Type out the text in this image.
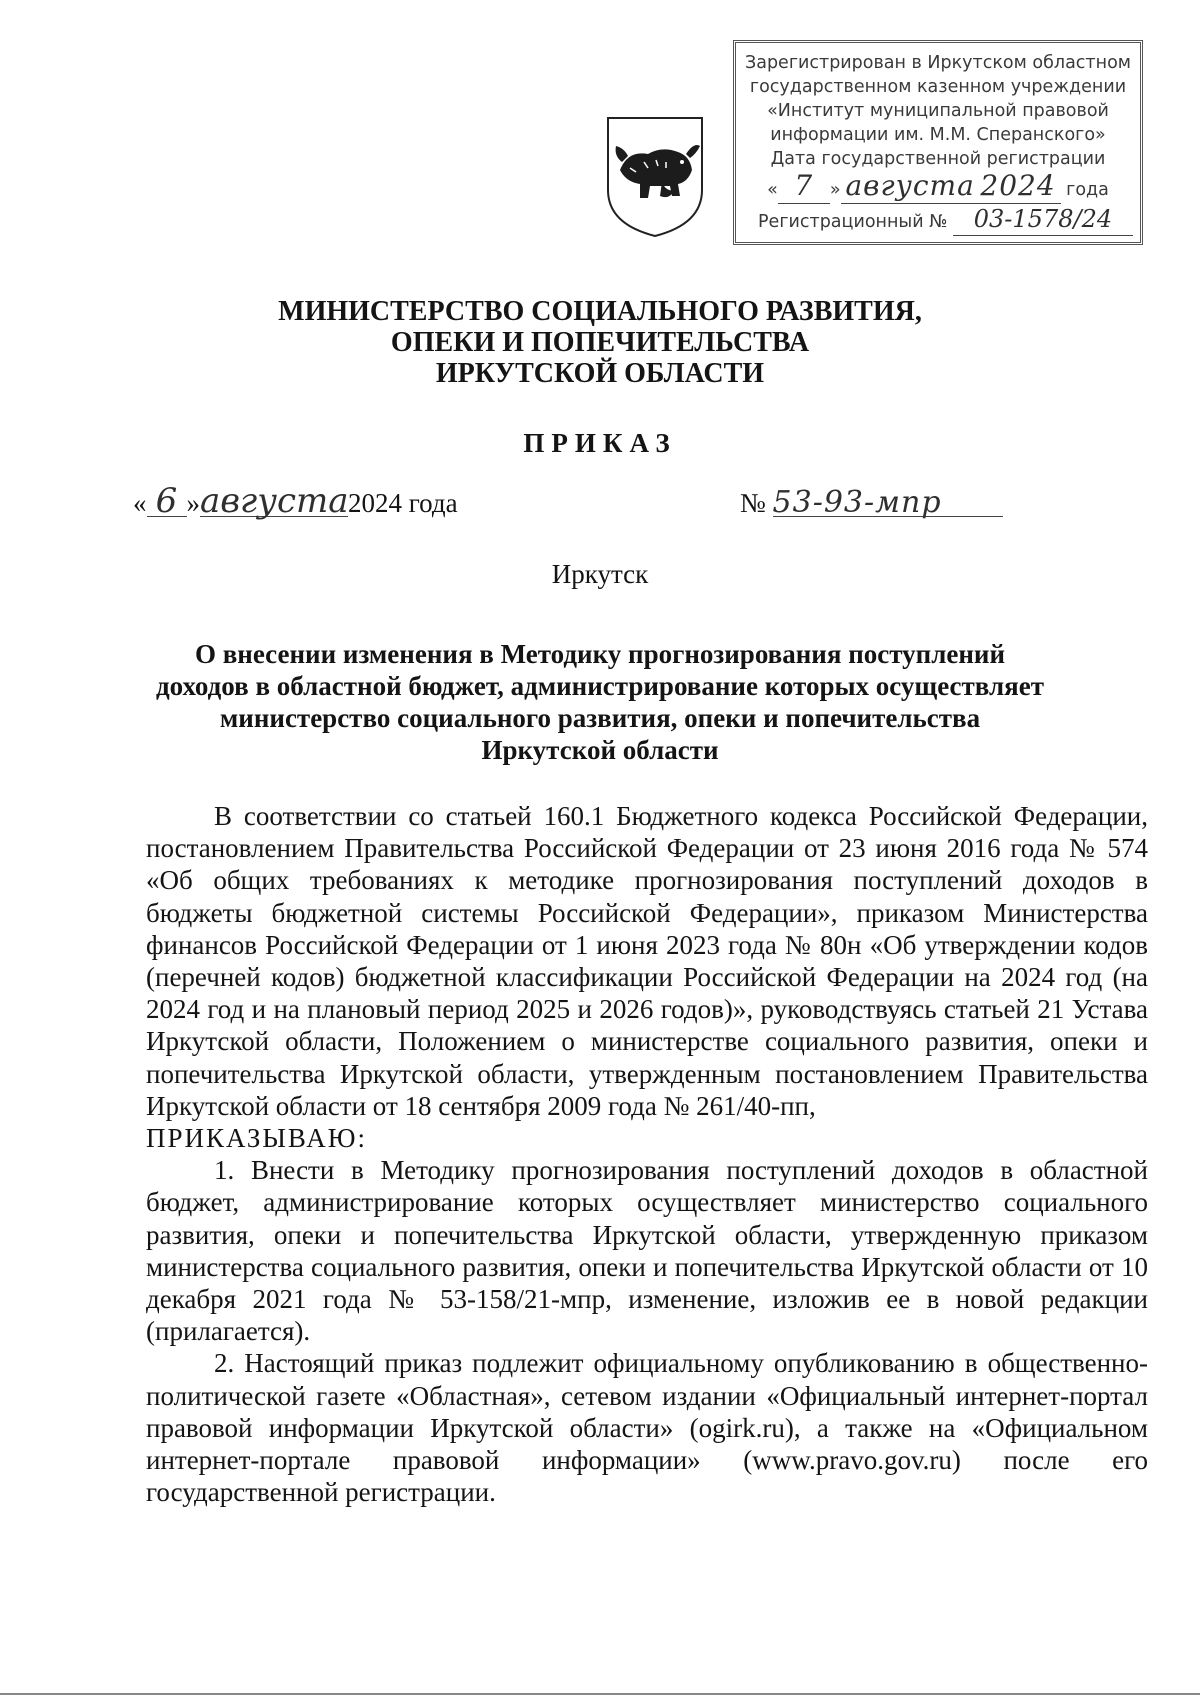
Зарегистрирован в Иркутском областном
государственном казенном учреждении
«Институт муниципальной правовой
информации им. М.М. Сперанского»
Дата государственной регистрации
« 7 » августа 2024 года
Регистрационный № 03-1578/24
МИНИСТЕРСТВО СОЦИАЛЬНОГО РАЗВИТИЯ,
ОПЕКИ И ПОПЕЧИТЕЛЬСТВА
ИРКУТСКОЙ ОБЛАСТИ
ПРИКАЗ
« 6 »августа2024 года	№ 53-93-мпр
Иркутск
О внесении изменения в Методику прогнозирования поступлений
доходов в областной бюджет, администрирование которых осуществляет
министерство социального развития, опеки и попечительства
Иркутской области

В соответствии со статьей 160.1 Бюджетного кодекса Российской Федерации, постановлением Правительства Российской Федерации от 23 июня 2016 года № 574 «Об общих требованиях к методике прогнозирования поступлений доходов в бюджеты бюджетной системы Российской Федерации», приказом Министерства финансов Российской Федерации от 1 июня 2023 года № 80н «Об утверждении кодов (перечней кодов) бюджетной классификации Российской Федерации на 2024 год (на 2024 год и на плановый период 2025 и 2026 годов)», руководствуясь статьей 21 Устава Иркутской области, Положением о министерстве социального развития, опеки и попечительства Иркутской области, утвержденным постановлением Правительства Иркутской области от 18 сентября 2009 года № 261/40-пп,

ПРИКАЗЫВАЮ:

1. Внести в Методику прогнозирования поступлений доходов в областной бюджет, администрирование которых осуществляет министерство социального развития, опеки и попечительства Иркутской области, утвержденную приказом министерства социального развития, опеки и попечительства Иркутской области от 10 декабря 2021 года № 53-158/21-мпр, изменение, изложив ее в новой редакции (прилагается).

2. Настоящий приказ подлежит официальному опубликованию в общественно-политической газете «Областная», сетевом издании «Официальный интернет-портал правовой информации Иркутской области» (ogirk.ru), а также на «Официальном интернет-портале правовой информации» (www.pravo.gov.ru) после его государственной регистрации.
